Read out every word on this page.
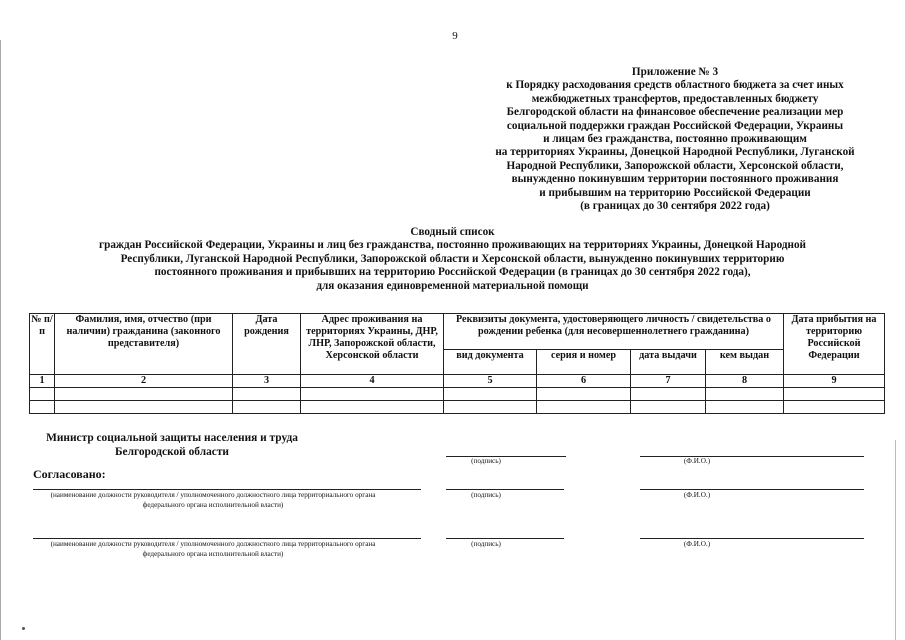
9
Приложение № 3
к Порядку расходования средств областного бюджета за счет иных
межбюджетных трансфертов, предоставленных бюджету
Белгородской области на финансовое обеспечение реализации мер
социальной поддержки граждан Российской Федерации, Украины
и лицам без гражданства, постоянно проживающим
на территориях Украины, Донецкой Народной Республики, Луганской
Народной Республики, Запорожской области, Херсонской области,
вынужденно покинувшим территории постоянного проживания
и прибывшим на территорию Российской Федерации
(в границах до 30 сентября 2022 года)
Сводный список
граждан Российской Федерации, Украины и лиц без гражданства, постоянно проживающих на территориях Украины, Донецкой Народной
Республики, Луганской Народной Республики, Запорожской области и Херсонской области, вынужденно покинувших территорию
постоянного проживания и прибывших на территорию Российской Федерации (в границах до 30 сентября 2022 года),
для оказания единовременной материальной помощи
№ п/п	Фамилия, имя, отчество (при наличии) гражданина (законного представителя)	Дата рождения	Адрес проживания на территориях Украины, ДНР, ЛНР, Запорожской области, Херсонской области	Реквизиты документа, удостоверяющего личность / свидетельства о рождении ребенка (для несовершеннолетнего гражданина)				Дата прибытия на территорию Российской Федерации
				вид документа	серия и номер	дата выдачи	кем выдан	
1	2	3	4	5	6	7	8	9

Министр социальной защиты населения и труда Белгородской области
(подпись)	(Ф.И.О.)
Согласовано:
(наименование должности руководителя / уполномоченного должностного лица территориального органа федерального органа исполнительной власти)
(подпись)	(Ф.И.О.)
(наименование должности руководителя / уполномоченного должностного лица территориального органа федерального органа исполнительной власти)
(подпись)	(Ф.И.О.)
